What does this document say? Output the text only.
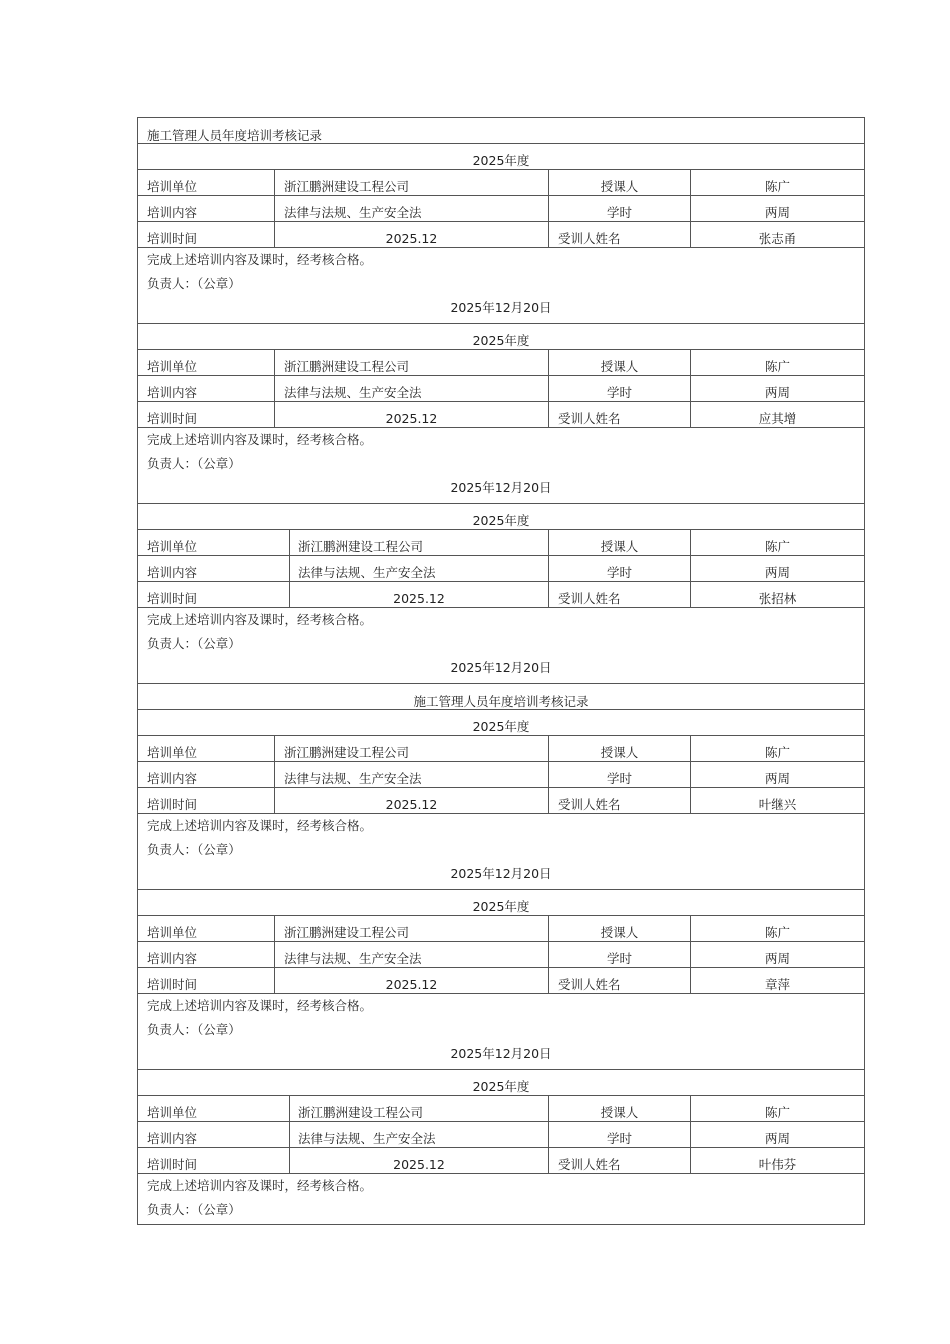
施工管理人员年度培训考核记录
2025年度
培训单位	浙江鹏洲建设工程公司	授课人	陈广
培训内容	法律与法规、生产安全法	学时	两周
培训时间	2025.12	受训人姓名	张志甬
完成上述培训内容及课时，经考核合格。
负责人：（公章）
2025年12月20日
2025年度
培训单位	浙江鹏洲建设工程公司	授课人	陈广
培训内容	法律与法规、生产安全法	学时	两周
培训时间	2025.12	受训人姓名	应其增
完成上述培训内容及课时，经考核合格。
负责人：（公章）
2025年12月20日
2025年度
培训单位	浙江鹏洲建设工程公司	授课人	陈广
培训内容	法律与法规、生产安全法	学时	两周
培训时间	2025.12	受训人姓名	张招林
完成上述培训内容及课时，经考核合格。
负责人：（公章）
2025年12月20日
施工管理人员年度培训考核记录
2025年度
培训单位	浙江鹏洲建设工程公司	授课人	陈广
培训内容	法律与法规、生产安全法	学时	两周
培训时间	2025.12	受训人姓名	叶继兴
完成上述培训内容及课时，经考核合格。
负责人：（公章）
2025年12月20日
2025年度
培训单位	浙江鹏洲建设工程公司	授课人	陈广
培训内容	法律与法规、生产安全法	学时	两周
培训时间	2025.12	受训人姓名	章萍
完成上述培训内容及课时，经考核合格。
负责人：（公章）
2025年12月20日
2025年度
培训单位	浙江鹏洲建设工程公司	授课人	陈广
培训内容	法律与法规、生产安全法	学时	两周
培训时间	2025.12	受训人姓名	叶伟芬
完成上述培训内容及课时，经考核合格。
负责人：（公章）
